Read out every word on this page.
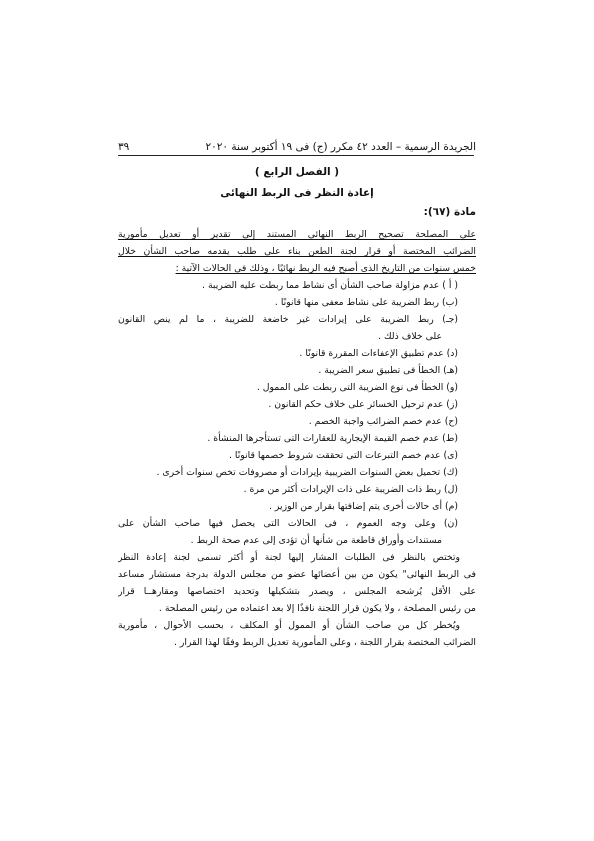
الجريدة الرسمية – العدد ٤٢ مكرر (ج) فى ١٩ أكتوبر سنة ٢٠٢٠
٣٩
( الفصل الرابع )
إعادة النظر فى الربط النهائى
مادة (٦٧):
على المصلحة تصحيح الربط النهائى المستند إلى تقدير أو تعديل مأمورية
الضرائب المختصة أو قرار لجنة الطعن بناء على طلب يقدمه صاحب الشأن خلال
خمس سنوات من التاريخ الذى أصبح فيه الربط نهائيًا ، وذلك فى الحالات الآتية :
( أ ) عدم مزاولة صاحب الشأن أى نشاط مما ربطت عليه الضريبة .
(ب) ربط الضريبة على نشاط معفى منها قانونًا .
(جـ) ربط الضريبة على إيرادات غير خاضعة للضريبة ، ما لم ينص القانون
على خلاف ذلك .
(د) عدم تطبيق الإعفاءات المقررة قانونًا .
(هـ) الخطأ فى تطبيق سعر الضريبة .
(و) الخطأ فى نوع الضريبة التى ربطت على الممول .
(ز) عدم ترحيل الخسائر على خلاف حكم القانون .
(ح) عدم خصم الضرائب واجبة الخصم .
(ط) عدم خصم القيمة الإيجارية للعقارات التى تستأجرها المنشأة .
(ى) عدم خصم التبرعات التى تحققت شروط خصمها قانونًا .
(ك) تحميل بعض السنوات الضريبية بإيرادات أو مصروفات تخص سنوات أخرى .
(ل) ربط ذات الضريبة على ذات الإيرادات أكثر من مرة .
(م) أى حالات أخرى يتم إضافتها بقرار من الوزير .
(ن) وعلى وجه العموم ، فى الحالات التى يحصل فيها صاحب الشأن على
مستندات وأوراق قاطعة من شأنها أن تؤدى إلى عدم صحة الربط .
وتختص بالنظر فى الطلبات المشار إليها لجنة أو أكثر تسمى لجنة إعادة النظر
فى الربط النهائى" يكون من بين أعضائها عضو من مجلس الدولة بدرجة مستشار مساعد
على الأقل يُرشحه المجلس ، ويصدر بتشكيلها وتحديد اختصاصها ومقارهــا قرار
من رئيس المصلحة ، ولا يكون قرار اللجنة نافذًا إلا بعد اعتماده من رئيس المصلحة .
ويُخطر كل من صاحب الشأن أو الممول أو المكلف ، بحسب الأحوال ، مأمورية
الضرائب المختصة بقرار اللجنة ، وعلى المأمورية تعديل الربط وفقًا لهذا القرار .
